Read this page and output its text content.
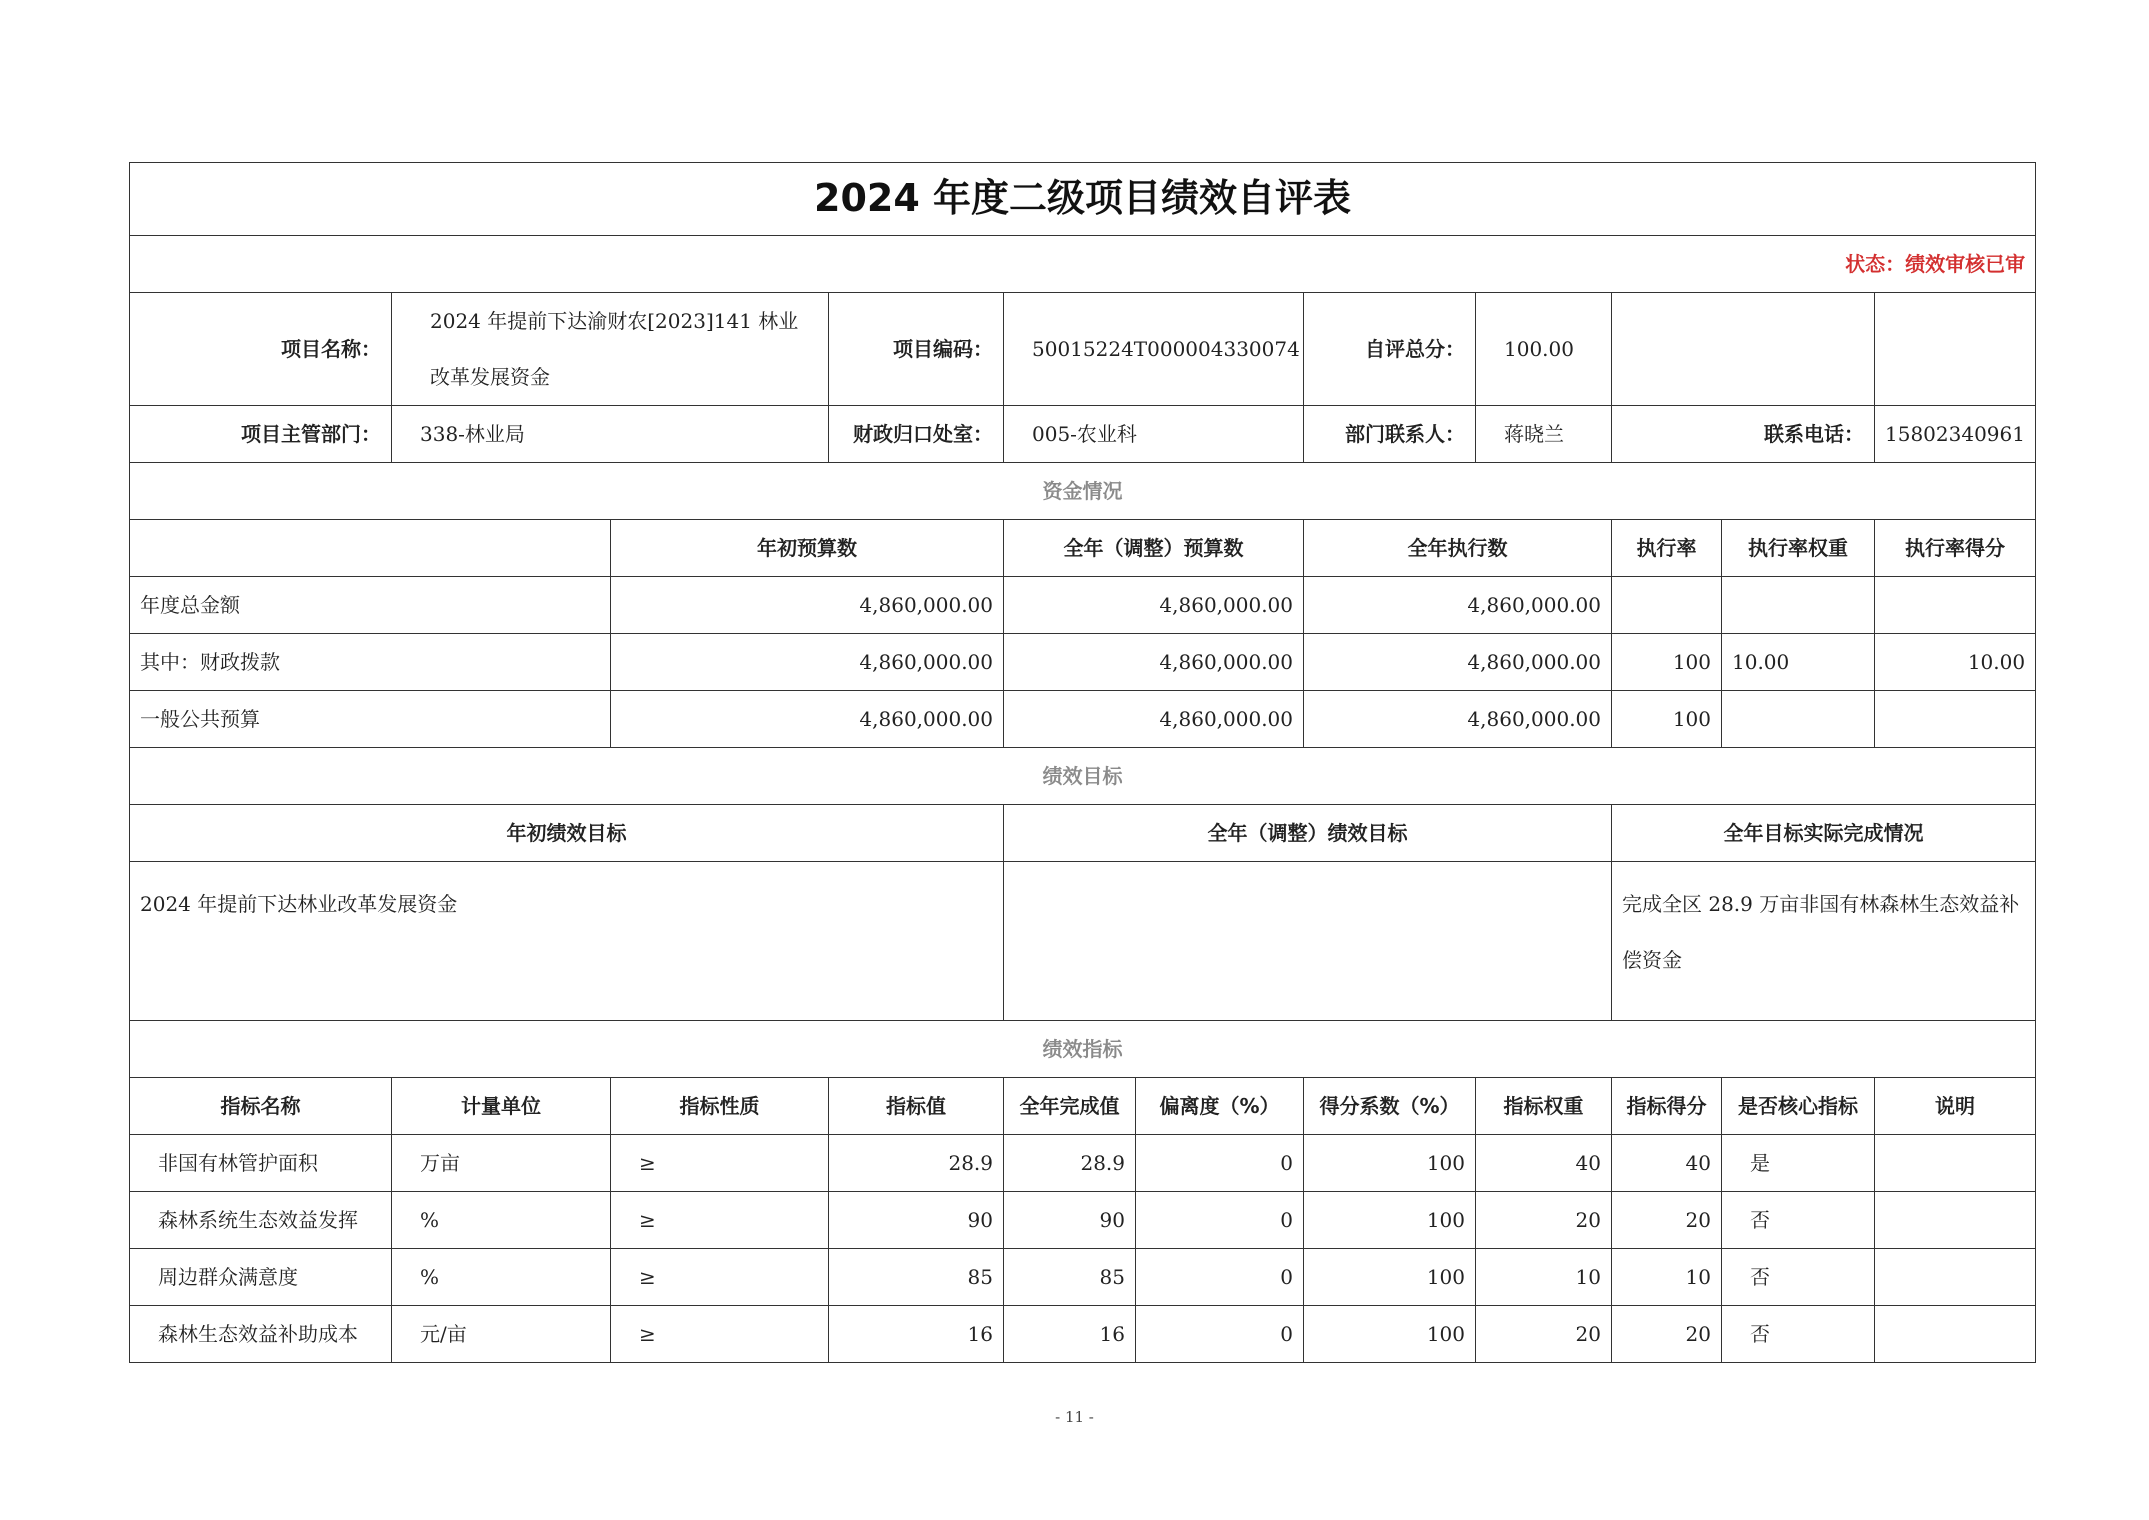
2024 年度二级项目绩效自评表										
状态：绩效审核已审										
项目名称：	2024 年提前下达渝财农[2023]141 林业改革发展资金		项目编码：	50015224T000004330074		自评总分：	100.00			
项目主管部门：	338-林业局		财政归口处室：	005-农业科		部门联系人：	蒋晓兰	联系电话：		15802340961
资金情况										
		年初预算数		全年（调整）预算数		全年执行数		执行率	执行率权重	执行率得分
年度总金额		4,860,000.00		4,860,000.00		4,860,000.00				
其中：财政拨款		4,860,000.00		4,860,000.00		4,860,000.00		100	10.00	10.00
一般公共预算		4,860,000.00		4,860,000.00		4,860,000.00		100		
绩效目标										
年初绩效目标				全年（调整）绩效目标				全年目标实际完成情况		
2024 年提前下达林业改革发展资金								完成全区 28.9 万亩非国有林森林生态效益补偿资金		
绩效指标										
指标名称	计量单位	指标性质	指标值	全年完成值	偏离度（%）	得分系数（%）	指标权重	指标得分	是否核心指标	说明
非国有林管护面积	万亩	≥	28.9	28.9	0	100	40	40	是	
森林系统生态效益发挥	%	≥	90	90	0	100	20	20	否	
周边群众满意度	%	≥	85	85	0	100	10	10	否	
森林生态效益补助成本	元/亩	≥	16	16	0	100	20	20	否	
- 11 -
